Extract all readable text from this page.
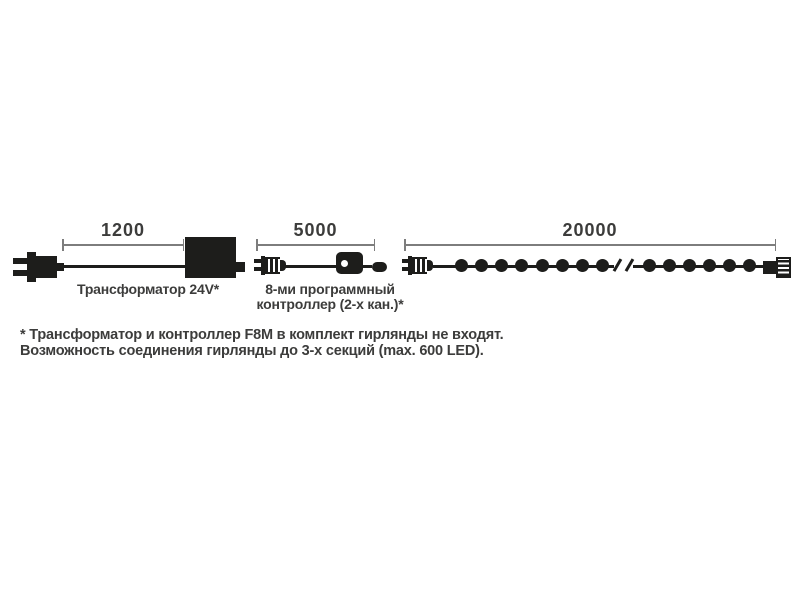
1200
Трансформатор 24V*
5000
8-ми программный
контроллер (2-х кан.)*
20000
* Трансформатор и контроллер F8M в комплект гирлянды не входят.
Возможность соединения гирлянды до 3-х секций (max. 600 LED).
